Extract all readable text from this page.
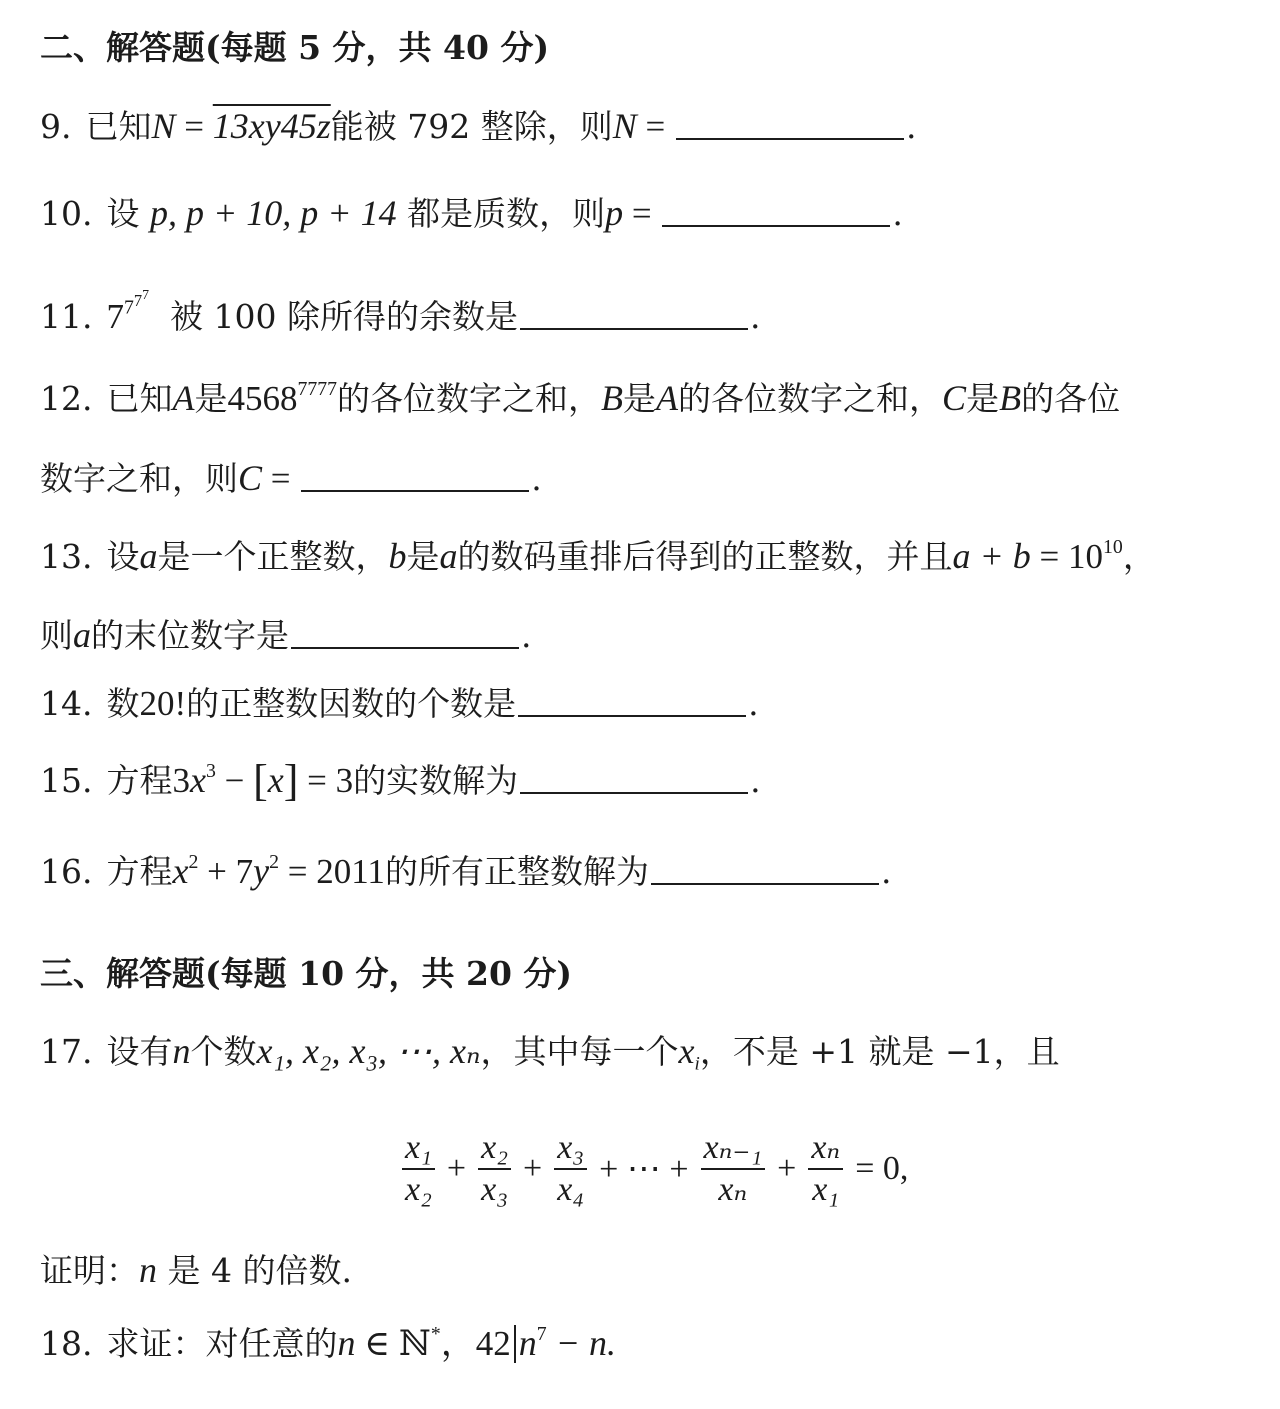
二、解答题(每题 5 分，共 40 分)
9. 已知N = 13xy45z能被 792 整除，则N =	.
10. 设 p, p + 10, p + 14 都是质数，则p =	.
11. $7^{777}$  被 100 除所得的余数是	.
12. 已知A是$4568^{7777}$的各位数字之和，B是A的各位数字之和，C是B的各位
数字之和，则C =	.
13. 设a是一个正整数，b是a的数码重排后得到的正整数，并且$a + b = 10^{10}$，
则a的末位数字是	.
14. 数20!的正整数因数的个数是	.
15. 方程$3x^3 - [x] = 3$的实数解为	.
16. 方程$x^2 + 7y^2 = 2011$的所有正整数解为	.
三、解答题(每题 10 分，共 20 分)
17. 设有n个数x₁, x₂, x₃, ⋯, xₙ，其中每一个$x_i$，不是 +1 就是 −1，且
$\frac{\text{x₁}}{\text{x₂}} + \frac{\text{x₂}}{\text{x₃}} + \frac{\text{x₃}}{\text{x₄}}$ + ⋯ + $\frac{\text{xₙ₋₁}}{\text{xₙ}} + \frac{\text{xₙ}}{\text{x₁}} = 0$,
证明：n 是 4 的倍数.
18. 求证：对任意的n ∈ ℕ*，42 $n^7 - n$.
